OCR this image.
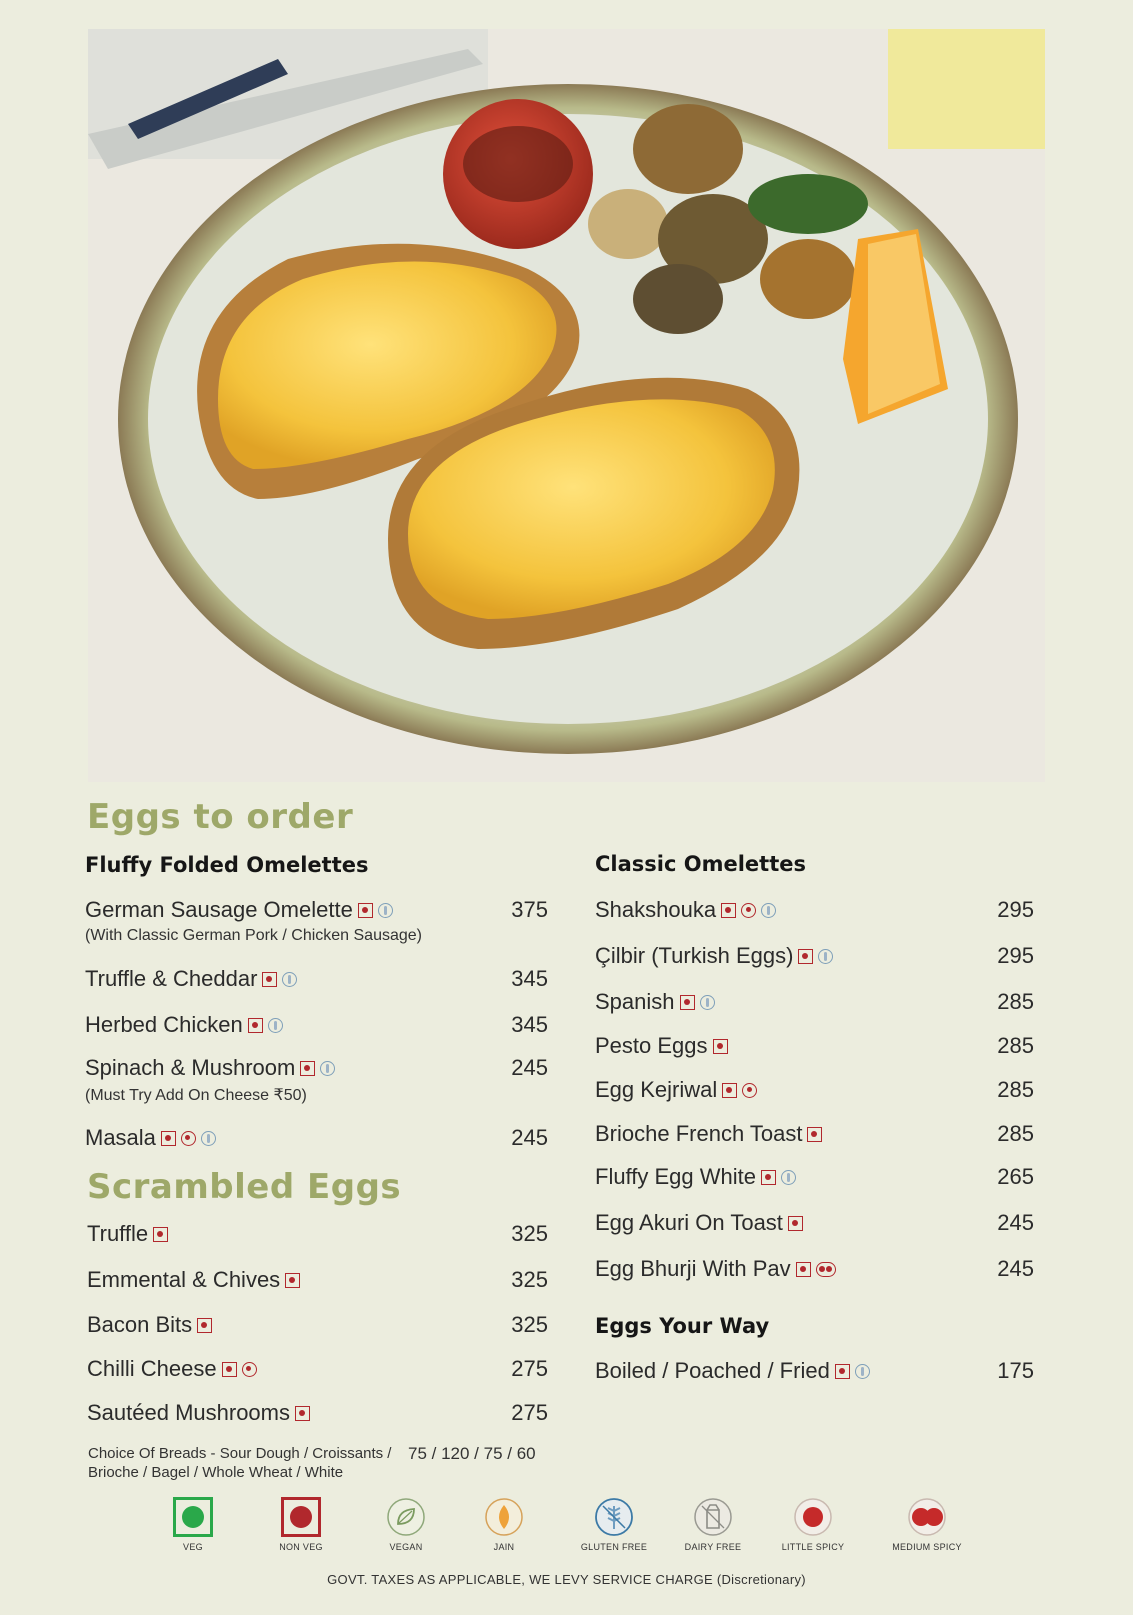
Eggs to order
Fluffy Folded Omelettes
German Sausage Omelette	375
(With Classic German Pork / Chicken Sausage)
Truffle & Cheddar	345
Herbed Chicken	345
Spinach & Mushroom	245
(Must Try Add On Cheese ₹50)
Masala	245
Scrambled Eggs
Truffle	325
Emmental & Chives	325
Bacon Bits	325
Chilli Cheese	275
Sautéed Mushrooms	275
Choice Of Breads - Sour Dough / Croissants /
Brioche / Bagel / Whole Wheat / White
75 / 120 / 75 / 60
Classic Omelettes
Shakshouka	295
Çilbir (Turkish Eggs)	295
Spanish	285
Pesto Eggs	285
Egg Kejriwal	285
Brioche French Toast	285
Fluffy Egg White	265
Egg Akuri On Toast	245
Egg Bhurji With Pav	245
Eggs Your Way
Boiled / Poached / Fried	175
VEG	NON VEG	VEGAN	JAIN	GLUTEN FREE	DAIRY FREE	LITTLE SPICY	MEDIUM SPICY
GOVT. TAXES AS APPLICABLE, WE LEVY SERVICE CHARGE (Discretionary)
